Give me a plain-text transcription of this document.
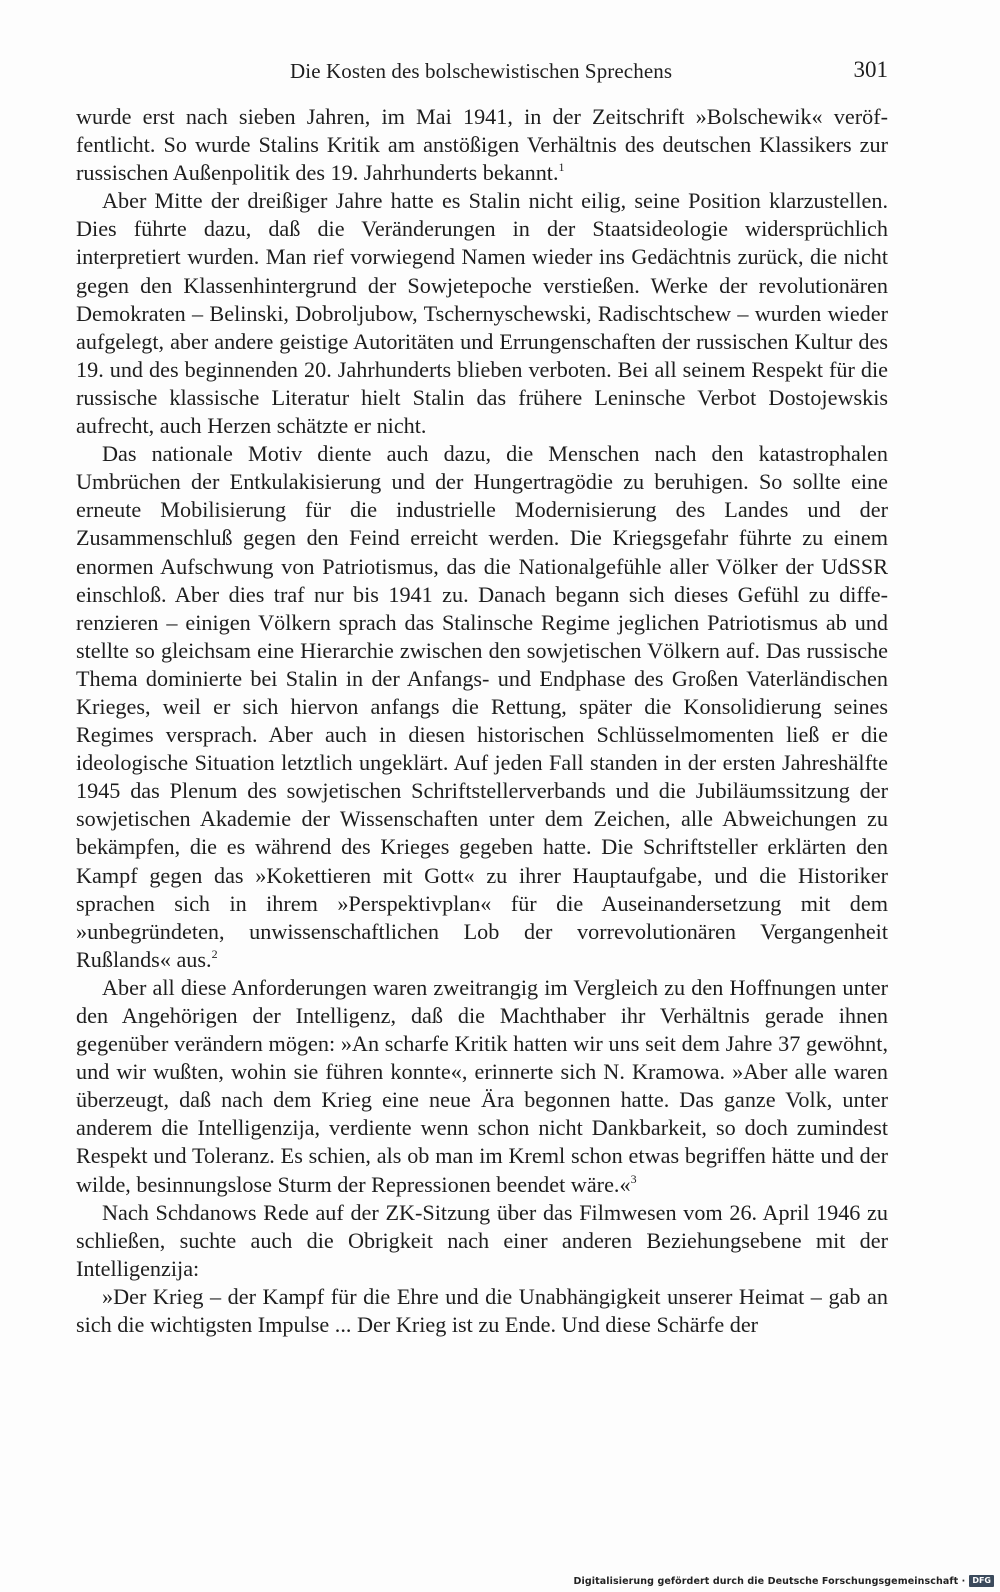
Die Kosten des bolschewistischen Sprechens	301

wurde erst nach sieben Jahren, im Mai 1941, in der Zeitschrift »Bolschewik« veröffentlicht. So wurde Stalins Kritik am anstößigen Verhältnis des deutschen Klassikers zur russischen Außenpolitik des 19. Jahrhunderts bekannt.$^1$

Aber Mitte der dreißiger Jahre hatte es Stalin nicht eilig, seine Position klarzustellen. Dies führte dazu, daß die Veränderungen in der Staatsideologie widersprüchlich interpretiert wurden. Man rief vorwiegend Namen wieder ins Gedächtnis zurück, die nicht gegen den Klassenhintergrund der Sowjetepoche verstießen. Werke der revolutionären Demokraten – Belinski, Dobroljubow, Tschernyschewski, Radischtschew – wurden wieder aufgelegt, aber andere geistige Autoritäten und Errungenschaften der russischen Kultur des 19. und des beginnenden 20. Jahrhunderts blieben verboten. Bei all seinem Respekt für die russische klassische Literatur hielt Stalin das frühere Leninsche Verbot Dostojewskis aufrecht, auch Herzen schätzte er nicht.

Das nationale Motiv diente auch dazu, die Menschen nach den katastrophalen Umbrüchen der Entkulakisierung und der Hungertragödie zu beruhigen. So sollte eine erneute Mobilisierung für die industrielle Modernisierung des Landes und der Zusammenschluß gegen den Feind erreicht werden. Die Kriegsgefahr führte zu einem enormen Aufschwung von Patriotismus, das die Nationalgefühle aller Völker der UdSSR einschloß. Aber dies traf nur bis 1941 zu. Danach begann sich dieses Gefühl zu differenzieren – einigen Völkern sprach das Stalinsche Regime jeglichen Patriotismus ab und stellte so gleichsam eine Hierarchie zwischen den sowjetischen Völkern auf. Das russische Thema dominierte bei Stalin in der Anfangs- und Endphase des Großen Vaterländischen Krieges, weil er sich hiervon anfangs die Rettung, später die Konsolidierung seines Regimes versprach. Aber auch in diesen historischen Schlüsselmomenten ließ er die ideologische Situation letztlich ungeklärt. Auf jeden Fall standen in der ersten Jahreshälfte 1945 das Plenum des sowjetischen Schriftstellerverbands und die Jubiläumssitzung der sowjetischen Akademie der Wissenschaften unter dem Zeichen, alle Abweichungen zu bekämpfen, die es während des Krieges gegeben hatte. Die Schriftsteller erklärten den Kampf gegen das »Kokettieren mit Gott« zu ihrer Hauptaufgabe, und die Historiker sprachen sich in ihrem »Perspektivplan« für die Auseinandersetzung mit dem »unbegründeten, unwissenschaftlichen Lob der vorrevolutionären Vergangenheit Rußlands« aus.$^2$

Aber all diese Anforderungen waren zweitrangig im Vergleich zu den Hoffnungen unter den Angehörigen der Intelligenz, daß die Machthaber ihr Verhältnis gerade ihnen gegenüber verändern mögen: »An scharfe Kritik hatten wir uns seit dem Jahre 37 gewöhnt, und wir wußten, wohin sie führen konnte«, erinnerte sich N. Kramowa. »Aber alle waren überzeugt, daß nach dem Krieg eine neue Ära begonnen hatte. Das ganze Volk, unter anderem die Intelligenzija, verdiente wenn schon nicht Dankbarkeit, so doch zumindest Respekt und Toleranz. Es schien, als ob man im Kreml schon etwas begriffen hätte und der wilde, besinnungslose Sturm der Repressionen beendet wäre.«$^3$

Nach Schdanows Rede auf der ZK-Sitzung über das Filmwesen vom 26. April 1946 zu schließen, suchte auch die Obrigkeit nach einer anderen Beziehungsebene mit der Intelligenzija:

»Der Krieg – der Kampf für die Ehre und die Unabhängigkeit unserer Heimat – gab an sich die wichtigsten Impulse ... Der Krieg ist zu Ende. Und diese Schärfe der

Digitalisierung gefördert durch die Deutsche Forschungsgemeinschaft · DFG
